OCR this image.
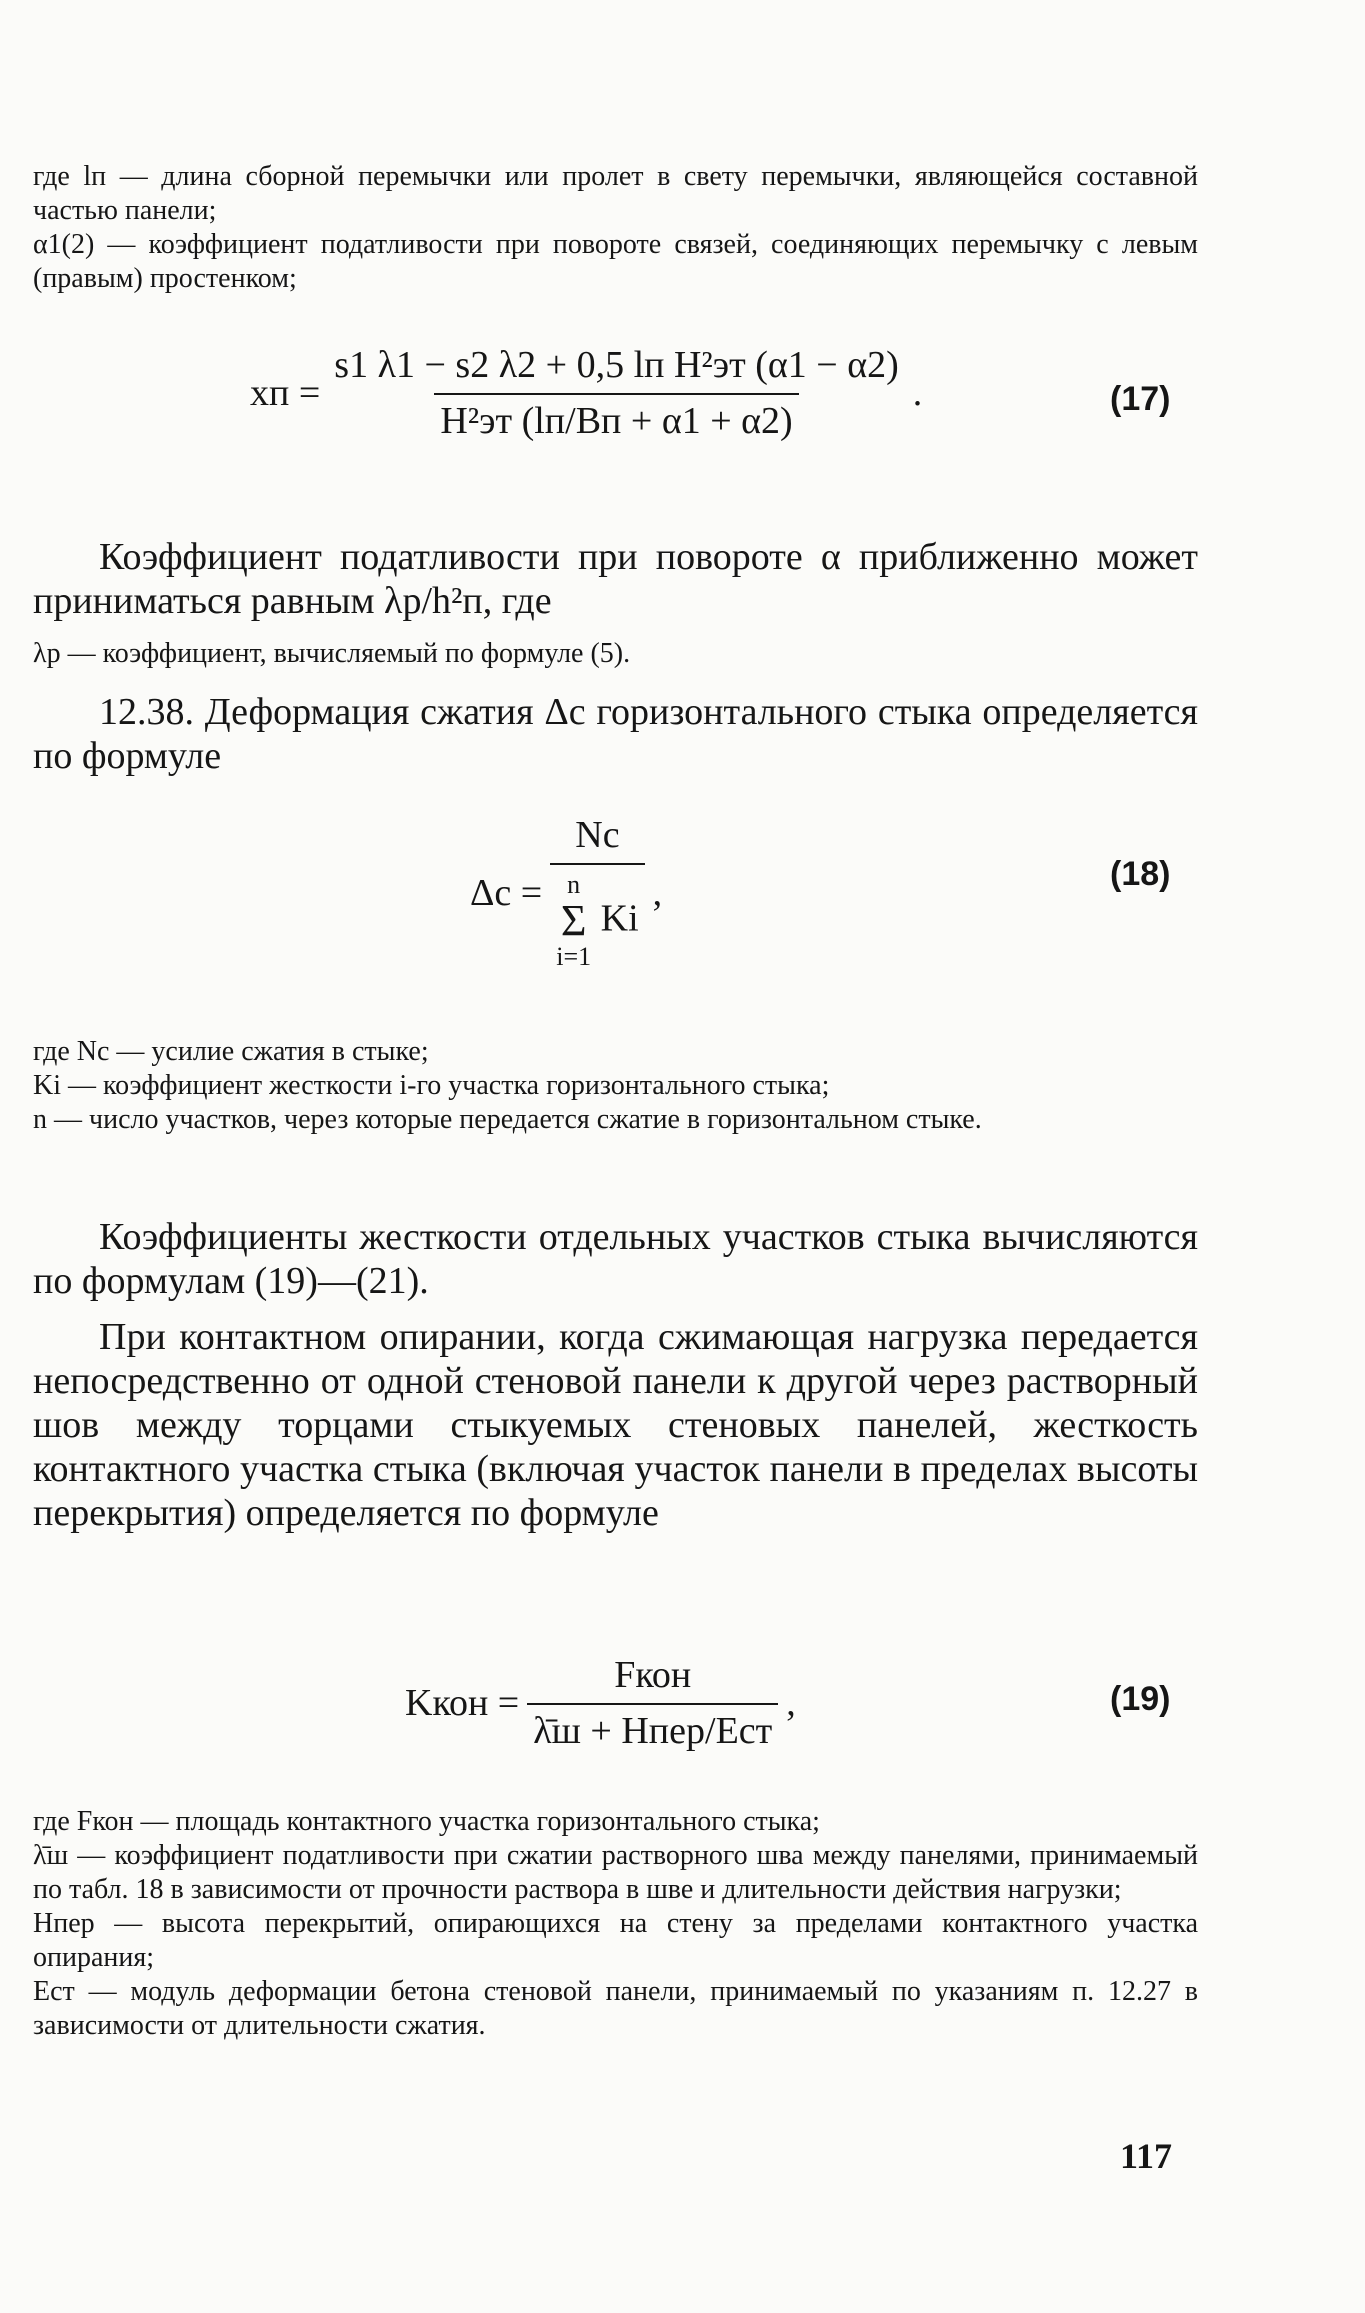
где lп — длина сборной перемычки или пролет в свету перемычки, являющейся составной частью панели;

α1(2) — коэффициент податливости при повороте связей, соединяющих перемычку с левым (правым) простенком;

xп = $\frac{\text{s1 λ1 − s2 λ2 + 0,5 lп H²эт (α1 − α2)}}{\text{H²эт (lп/Bп + α1 + α2)}}$ .	(17)

Коэффициент податливости при повороте α приближенно может приниматься равным λp/h²п, где

λp — коэффициент, вычисляемый по формуле (5).

12.38. Деформация сжатия Δc горизонтального стыка определяется по формуле

Δc = Nc
n
Σ
i=1
Ki ,	(18)

где Nc — усилие сжатия в стыке;

Ki — коэффициент жесткости i-го участка горизонтального стыка;

n — число участков, через которые передается сжатие в горизонтальном стыке.

Коэффициенты жесткости отдельных участков стыка вычисляются по формулам (19)—(21).

При контактном опирании, когда сжимающая нагрузка передается непосредственно от одной стеновой панели к другой через растворный шов между торцами стыкуемых стеновых панелей, жесткость контактного участка стыка (включая участок панели в пределах высоты перекрытия) определяется по формуле

Kкон = $\frac{\text{Fкон}}{\text{λ̄ш + Hпер/Eст}}$ ,	(19)

где Fкон — площадь контактного участка горизонтального стыка;

λ̄ш — коэффициент податливости при сжатии растворного шва между панелями, принимаемый по табл. 18 в зависимости от прочности раствора в шве и длительности действия нагрузки;

Hпер — высота перекрытий, опирающихся на стену за пределами контактного участка опирания;

Eст — модуль деформации бетона стеновой панели, принимаемый по указаниям п. 12.27 в зависимости от длительности сжатия.

117
